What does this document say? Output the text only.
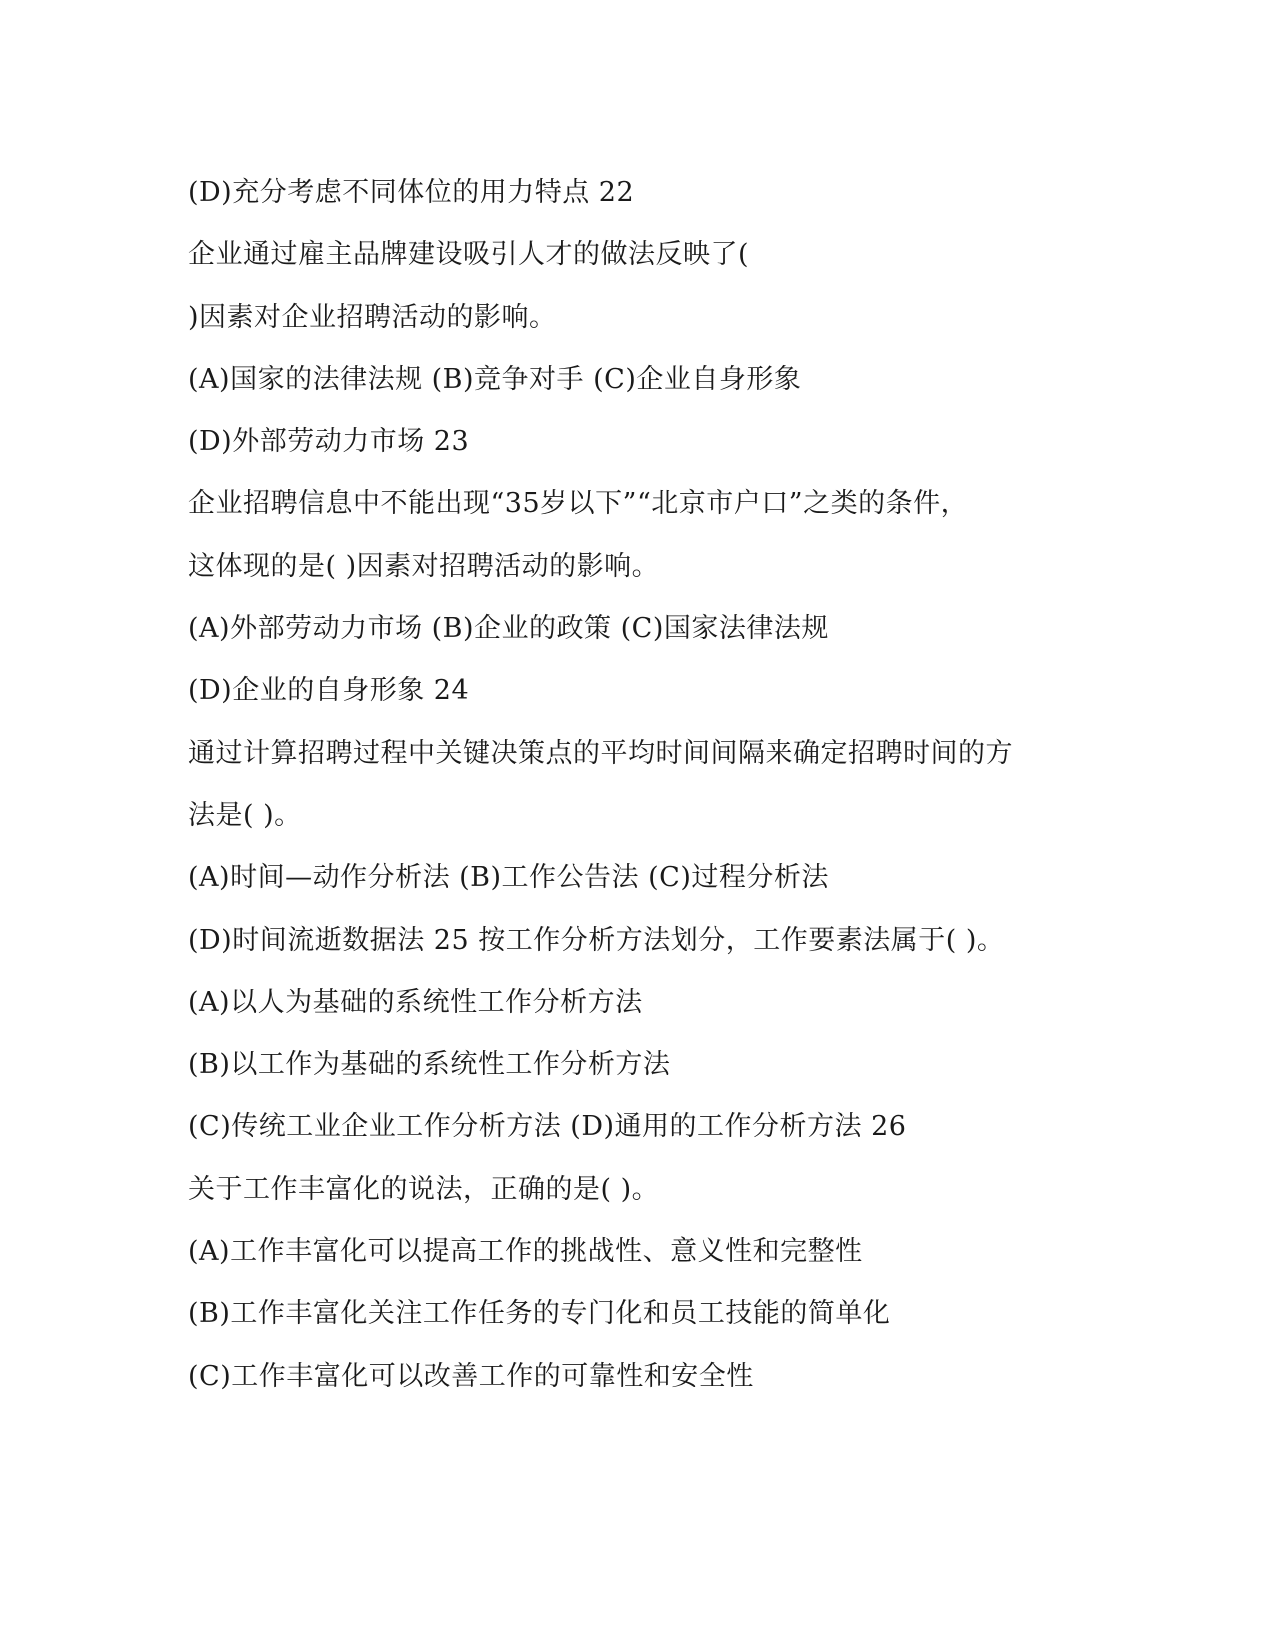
(D)充分考虑不同体位的用力特点 22
企业通过雇主品牌建设吸引人才的做法反映了(
)因素对企业招聘活动的影响。
(A)国家的法律法规 (B)竞争对手 (C)企业自身形象
(D)外部劳动力市场 23
企业招聘信息中不能出现“35岁以下”“北京市户口”之类的条件，
这体现的是( )因素对招聘活动的影响。
(A)外部劳动力市场 (B)企业的政策 (C)国家法律法规
(D)企业的自身形象 24
通过计算招聘过程中关键决策点的平均时间间隔来确定招聘时间的方
法是( )。
(A)时间—动作分析法 (B)工作公告法 (C)过程分析法
(D)时间流逝数据法 25 按工作分析方法划分，工作要素法属于( )。
(A)以人为基础的系统性工作分析方法
(B)以工作为基础的系统性工作分析方法
(C)传统工业企业工作分析方法 (D)通用的工作分析方法 26
关于工作丰富化的说法，正确的是( )。
(A)工作丰富化可以提高工作的挑战性、意义性和完整性
(B)工作丰富化关注工作任务的专门化和员工技能的简单化
(C)工作丰富化可以改善工作的可靠性和安全性
